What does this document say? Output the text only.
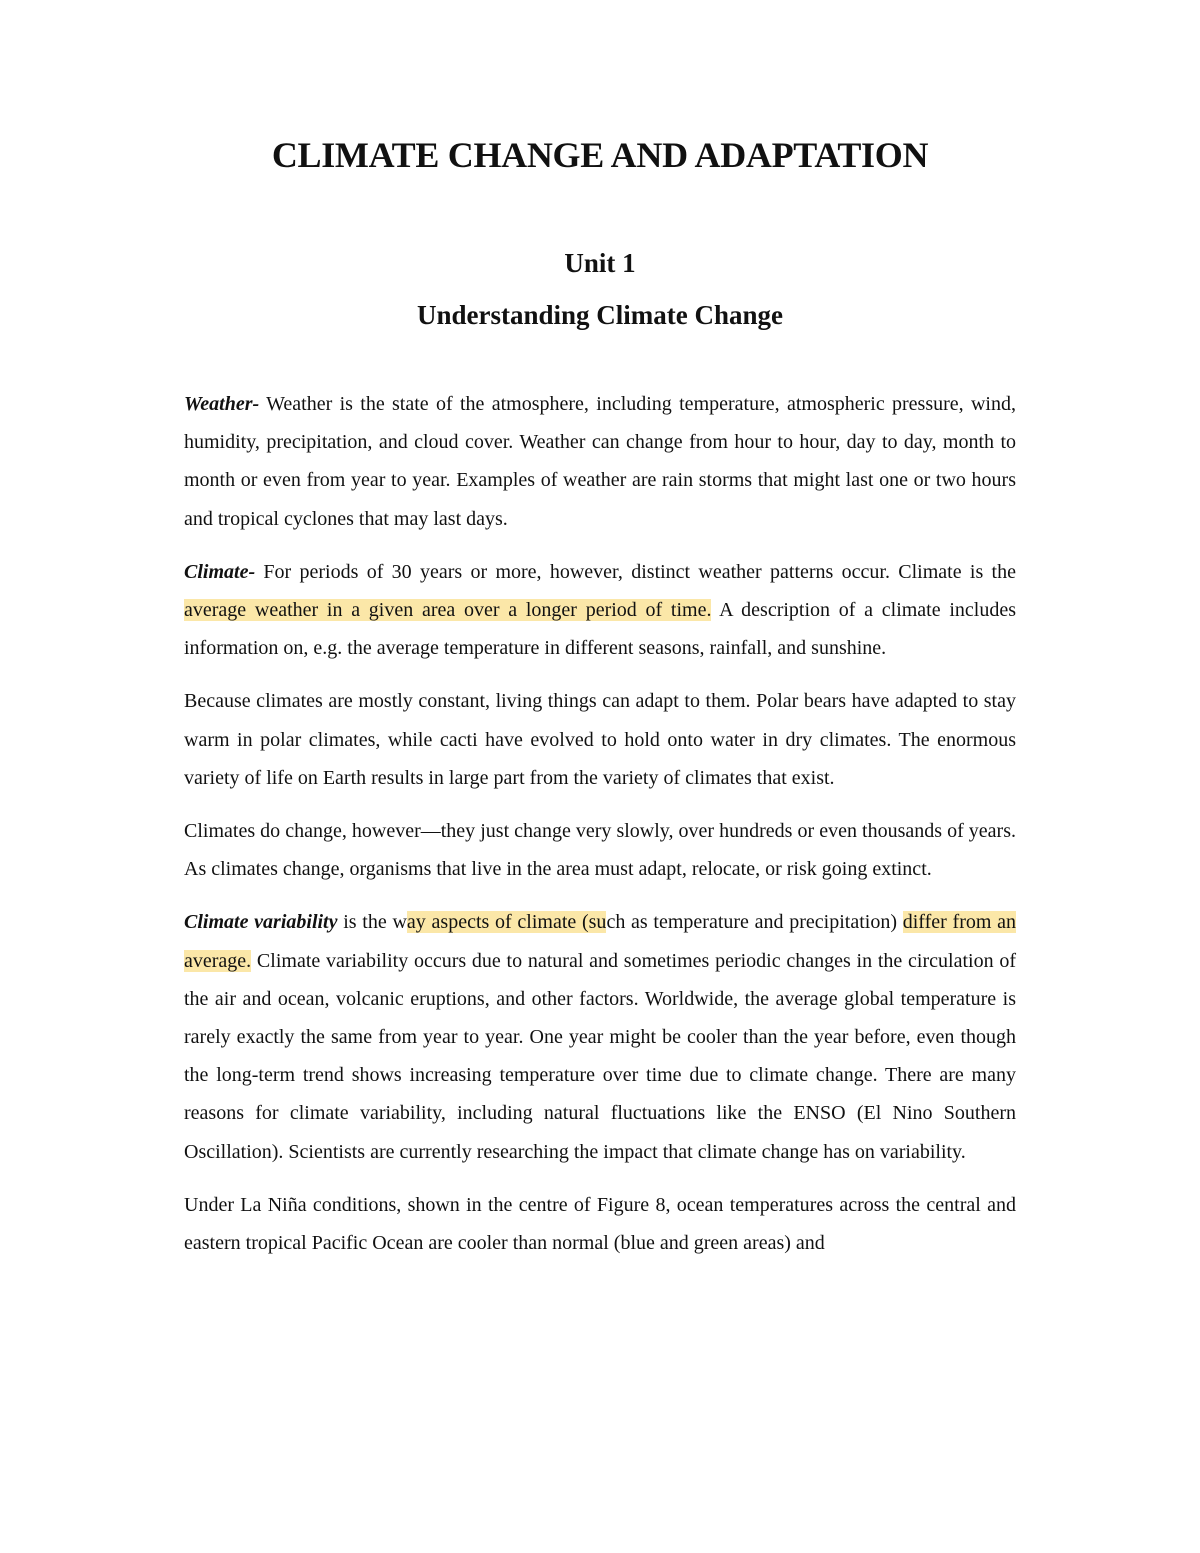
CLIMATE CHANGE AND ADAPTATION
Unit 1
Understanding Climate Change

Weather- Weather is the state of the atmosphere, including temperature, atmospheric pressure, wind, humidity, precipitation, and cloud cover. Weather can change from hour to hour, day to day, month to month or even from year to year. Examples of weather are rain storms that might last one or two hours and tropical cyclones that may last days.

Climate- For periods of 30 years or more, however, distinct weather patterns occur. Climate is the average weather in a given area over a longer period of time. A description of a climate includes information on, e.g. the average temperature in different seasons, rainfall, and sunshine.

Because climates are mostly constant, living things can adapt to them. Polar bears have adapted to stay warm in polar climates, while cacti have evolved to hold onto water in dry climates. The enormous variety of life on Earth results in large part from the variety of climates that exist.

Climates do change, however—they just change very slowly, over hundreds or even thousands of years. As climates change, organisms that live in the area must adapt, relocate, or risk going extinct.

Climate variability is the way aspects of climate (such as temperature and precipitation) differ from an average. Climate variability occurs due to natural and sometimes periodic changes in the circulation of the air and ocean, volcanic eruptions, and other factors. Worldwide, the average global temperature is rarely exactly the same from year to year. One year might be cooler than the year before, even though the long-term trend shows increasing temperature over time due to climate change. There are many reasons for climate variability, including natural fluctuations like the ENSO (El Nino Southern Oscillation). Scientists are currently researching the impact that climate change has on variability.

Under La Niña conditions, shown in the centre of Figure 8, ocean temperatures across the central and eastern tropical Pacific Ocean are cooler than normal (blue and green areas) and
